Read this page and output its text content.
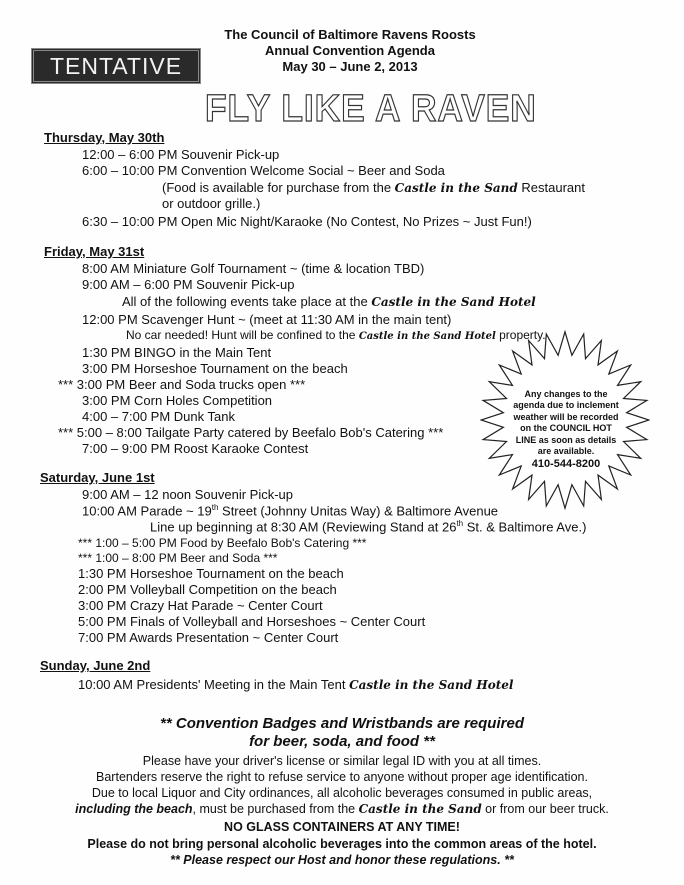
The Council of Baltimore Ravens Roosts
Annual Convention Agenda
May 30 – June 2, 2013
TENTATIVE
FLY LIKE A RAVEN
Thursday, May 30th
12:00 – 6:00 PM Souvenir Pick-up
6:00 – 10:00 PM Convention Welcome Social ~ Beer and Soda
(Food is available for purchase from the Castle in the Sand Restaurant
or outdoor grille.)
6:30 – 10:00 PM Open Mic Night/Karaoke (No Contest, No Prizes ~ Just Fun!)
Friday, May 31st
8:00 AM Miniature Golf Tournament ~ (time & location TBD)
9:00 AM – 6:00 PM Souvenir Pick-up
All of the following events take place at the Castle in the Sand Hotel
12:00 PM Scavenger Hunt ~ (meet at 11:30 AM in the main tent)
No car needed! Hunt will be confined to the Castle in the Sand Hotel property.
1:30 PM BINGO in the Main Tent
3:00 PM Horseshoe Tournament on the beach
*** 3:00 PM Beer and Soda trucks open ***
3:00 PM Corn Holes Competition
4:00 – 7:00 PM Dunk Tank
*** 5:00 – 8:00 Tailgate Party catered by Beefalo Bob's Catering ***
7:00 – 9:00 PM Roost Karaoke Contest
Any changes to the agenda due to inclement weather will be recorded on the COUNCIL HOT LINE as soon as details are available.
410-544-8200
Saturday, June 1st
9:00 AM – 12 noon Souvenir Pick-up
10:00 AM Parade ~ 19th Street (Johnny Unitas Way) & Baltimore Avenue
Line up beginning at 8:30 AM (Reviewing Stand at 26th St. & Baltimore Ave.)
*** 1:00 – 5:00 PM Food by Beefalo Bob's Catering ***
*** 1:00 – 8:00 PM Beer and Soda ***
1:30 PM Horseshoe Tournament on the beach
2:00 PM Volleyball Competition on the beach
3:00 PM Crazy Hat Parade ~ Center Court
5:00 PM Finals of Volleyball and Horseshoes ~ Center Court
7:00 PM Awards Presentation ~ Center Court
Sunday, June 2nd
10:00 AM Presidents' Meeting in the Main Tent Castle in the Sand Hotel
** Convention Badges and Wristbands are required
for beer, soda, and food **
Please have your driver's license or similar legal ID with you at all times.
Bartenders reserve the right to refuse service to anyone without proper age identification.
Due to local Liquor and City ordinances, all alcoholic beverages consumed in public areas,
including the beach, must be purchased from the Castle in the Sand or from our beer truck.
NO GLASS CONTAINERS AT ANY TIME!
Please do not bring personal alcoholic beverages into the common areas of the hotel.
** Please respect our Host and honor these regulations. **
